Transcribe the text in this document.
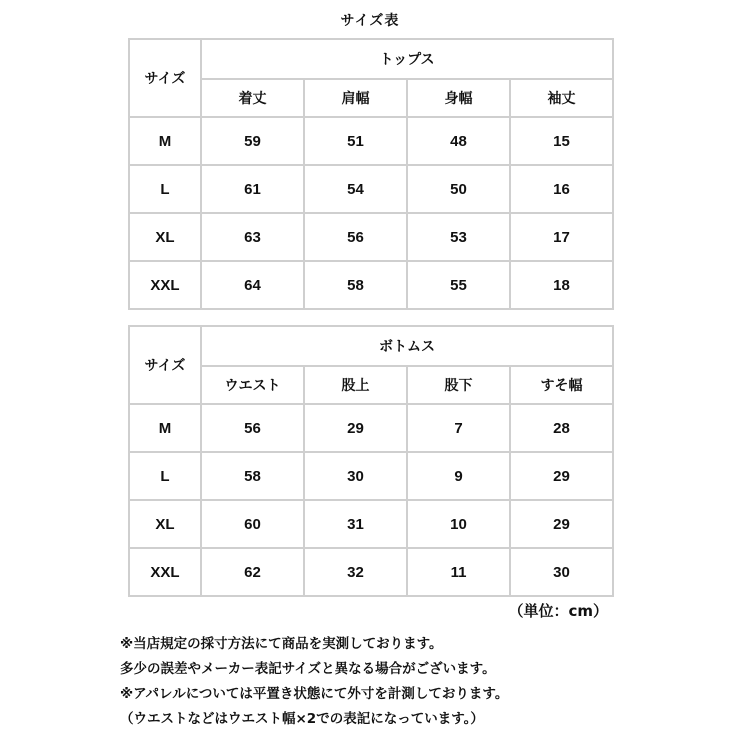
サイズ表
サイズ	トップス			
	着丈	肩幅	身幅	袖丈
M	59	51	48	15
L	61	54	50	16
XL	63	56	53	17
XXL	64	58	55	18
サイズ	ボトムス			
	ウエスト	股上	股下	すそ幅
M	56	29	7	28
L	58	30	9	29
XL	60	31	10	29
XXL	62	32	11	30
（単位：cm）
※当店規定の採寸方法にて商品を実測しております。
多少の誤差やメーカー表記サイズと異なる場合がございます。
※アパレルについては平置き状態にて外寸を計測しております。
（ウエストなどはウエスト幅×2での表記になっています。）
